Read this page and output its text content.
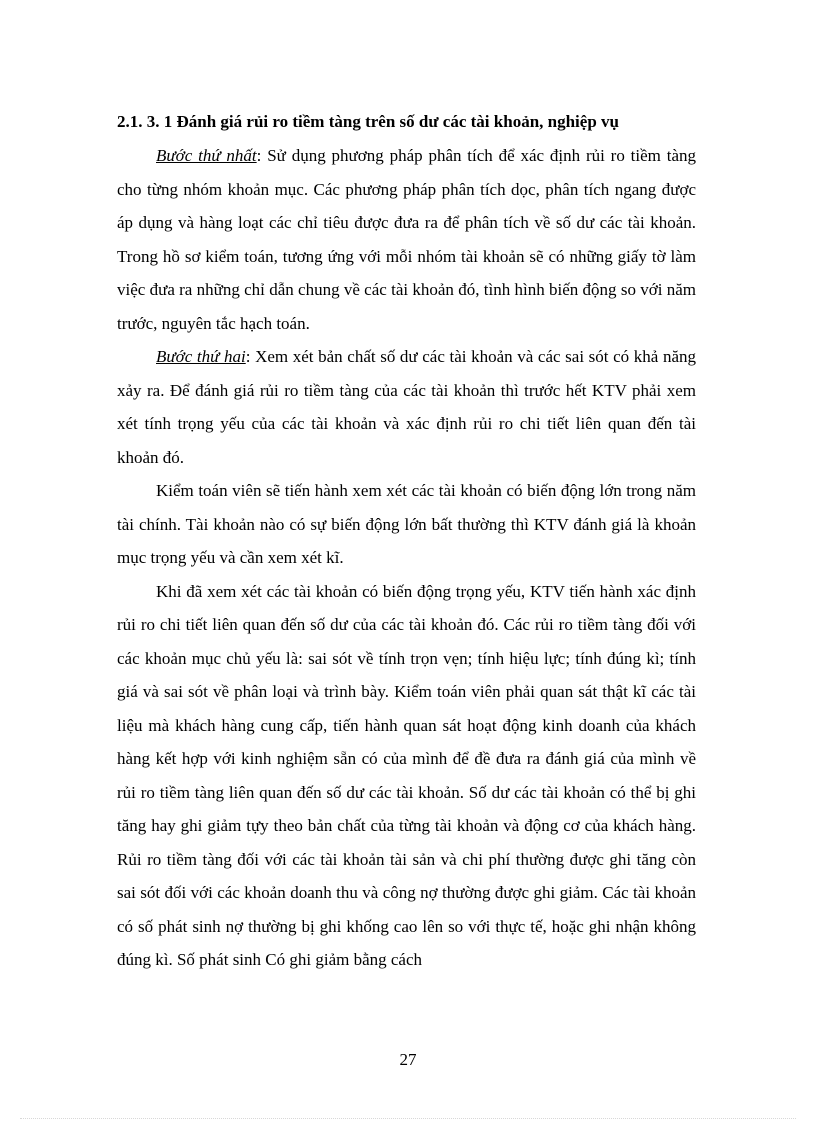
2.1. 3. 1 Đánh giá rủi ro tiềm tàng trên số dư các tài khoản, nghiệp vụ

Bước thứ nhất: Sử dụng phương pháp phân tích để xác định rủi ro tiềm tàng cho từng nhóm khoản mục. Các phương pháp phân tích dọc, phân tích ngang được áp dụng và hàng loạt các chỉ tiêu được đưa ra để phân tích về số dư các tài khoản. Trong hồ sơ kiểm toán, tương ứng với mỗi nhóm tài khoản sẽ có những giấy tờ làm việc đưa ra những chỉ dẫn chung về các tài khoản đó, tình hình biến động so với năm trước, nguyên tắc hạch toán.

Bước thứ hai: Xem xét bản chất số dư các tài khoản và các sai sót có khả năng xảy ra. Để đánh giá rủi ro tiềm tàng của các tài khoản thì trước hết KTV phải xem xét tính trọng yếu của các tài khoản và xác định rủi ro chi tiết liên quan đến tài khoản đó.

Kiểm toán viên sẽ tiến hành xem xét các tài khoản có biến động lớn trong năm tài chính. Tài khoản nào có sự biến động lớn bất thường thì KTV đánh giá là khoản mục trọng yếu và cần xem xét kĩ.

Khi đã xem xét các tài khoản có biến động trọng yếu, KTV tiến hành xác định rủi ro chi tiết liên quan đến số dư của các tài khoản đó. Các rủi ro tiềm tàng đối với các khoản mục chủ yếu là: sai sót về tính trọn vẹn; tính hiệu lực; tính đúng kì; tính giá và sai sót về phân loại và trình bày. Kiểm toán viên phải quan sát thật kĩ các tài liệu mà khách hàng cung cấp, tiến hành quan sát hoạt động kinh doanh của khách hàng kết hợp với kinh nghiệm sẵn có của mình để đề đưa ra đánh giá của mình về rủi ro tiềm tàng liên quan đến số dư các tài khoản. Số dư các tài khoản có thể bị ghi tăng hay ghi giảm tựy theo bản chất của từng tài khoản và động cơ của khách hàng. Rủi ro tiềm tàng đối với các tài khoản tài sản và chi phí thường được ghi tăng còn sai sót đối với các khoản doanh thu và công nợ thường được ghi giảm. Các tài khoản có số phát sinh nợ thường bị ghi khống cao lên so với thực tế, hoặc ghi nhận không đúng kì. Số phát sinh Có ghi giảm bằng cách

27
